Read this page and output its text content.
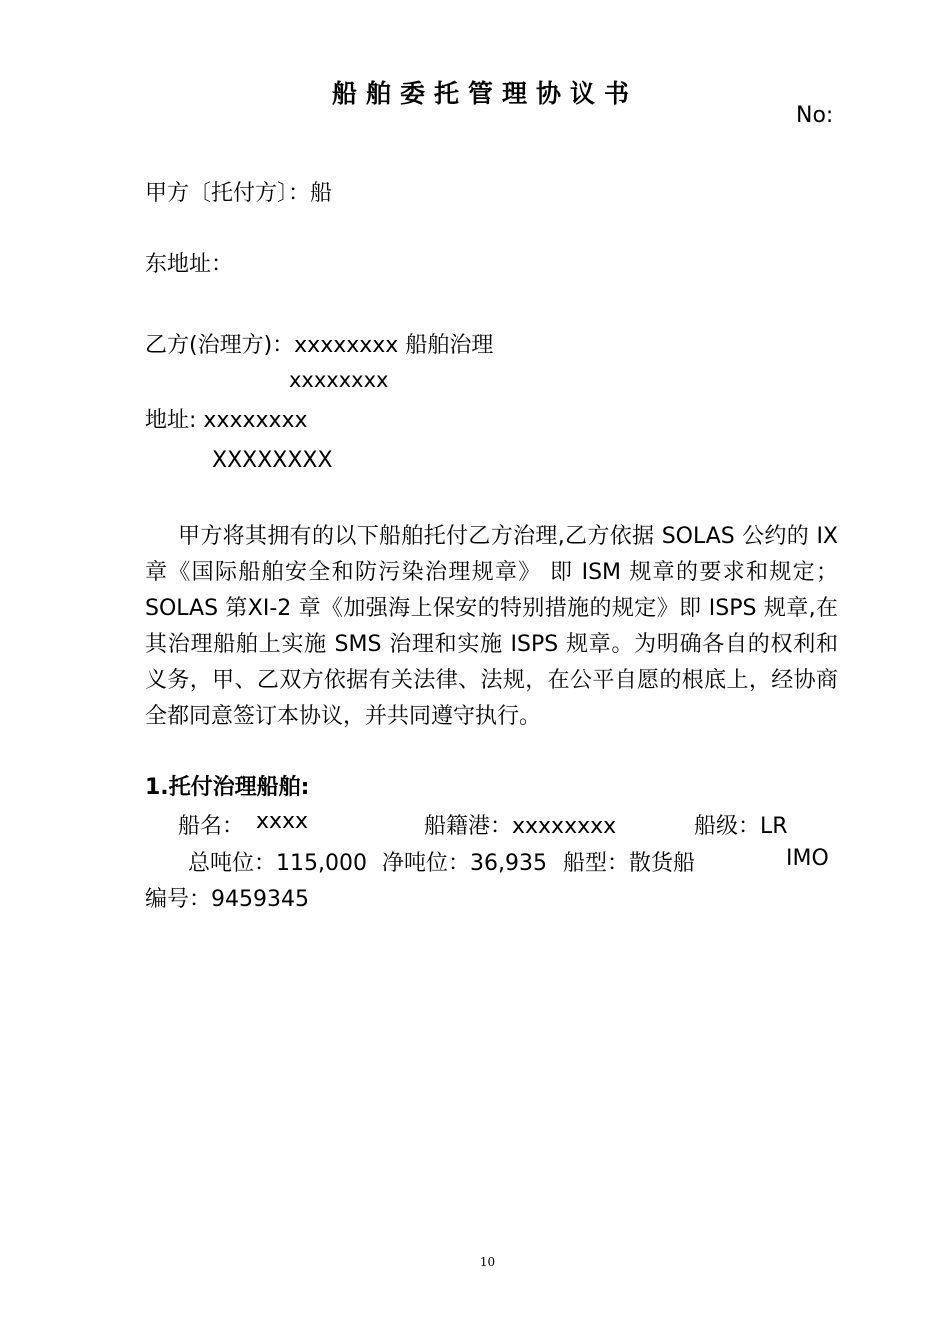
船舶委托管理协议书
No:
甲方〔托付方〕：船
东地址：
乙方(治理方)：xxxxxxxx 船舶治理
xxxxxxxx
地址: xxxxxxxx
XXXXXXXX
甲方将其拥有的以下船舶托付乙方治理,乙方依据 SOLAS 公约的 IX 章《国际船舶安全和防污染治理规章》 即 ISM 规章的要求和规定；SOLAS 第XI-2 章《加强海上保安的特别措施的规定》即 ISPS 规章,在其治理船舶上实施 SMS 治理和实施 ISPS 规章。为明确各自的权利和义务，甲、乙双方依据有关法律、法规，在公平自愿的根底上，经协商全都同意签订本协议，并共同遵守执行。
1.托付治理船舶:
船名： xxxx	船籍港：xxxxxxxx	船级：LR
总吨位：115,000 净吨位：36,935 船型：散货船	IMO
编号：9459345
10
